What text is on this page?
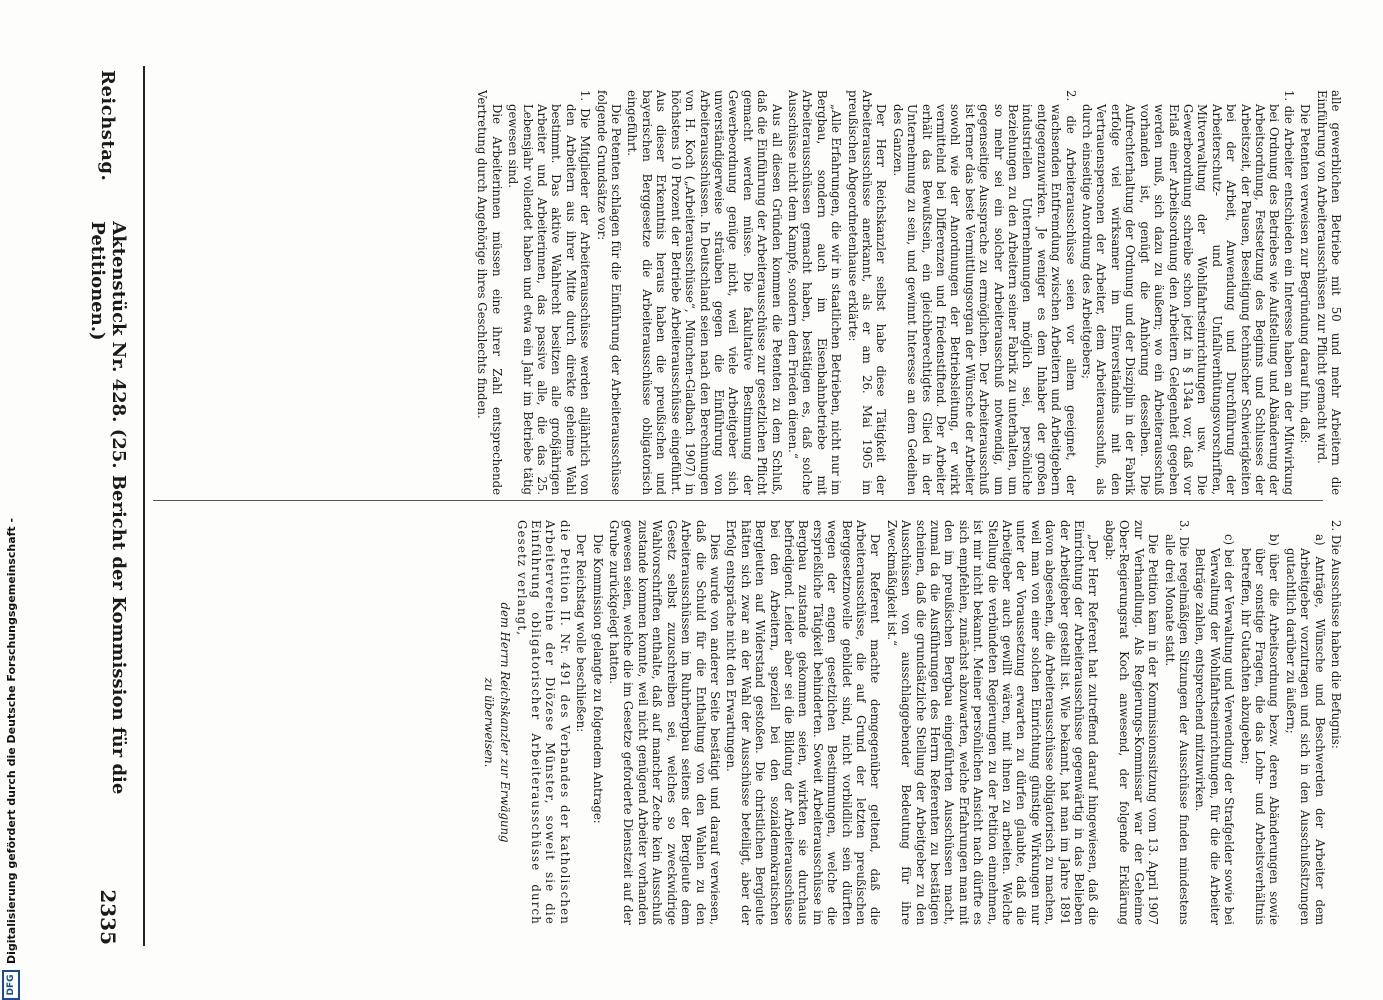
Reichstag.
Aktenstück Nr. 428. (25. Bericht der Kommission für die Petitionen.)
2335

alle gewerblichen Betriebe mit 50 und mehr Arbeitern die Einführung von Arbeiterausschüssen zur Pflicht gemacht wird.

Die Petenten verweisen zur Begründung darauf hin, daß:

1. die Arbeiter entschieden ein Interesse haben an der Mitwirkung bei Ordnung des Betriebes wie Aufstellung und Abänderung der Arbeitsordnung, Festsetzung des Beginns und Schlusses der Arbeitszeit, der Pausen, Beseitigung technischer Schwierigkeiten bei der Arbeit, Anwendung und Durchführung der Arbeiterschutz- und Unfallverhütungsvorschriften, Mitverwaltung der Wohlfahrtseinrichtungen usw. Die Gewerbeordnung schreibe schon jetzt in § 134a vor, daß vor Erlaß einer Arbeitsordnung den Arbeitern Gelegenheit gegeben werden muß, sich dazu zu äußern; wo ein Arbeiterausschuß vorhanden ist, genügt die Anhörung desselben. Die Aufrechterhaltung der Ordnung und der Disziplin in der Fabrik erfolge viel wirksamer im Einverständnis mit den Vertrauenspersonen der Arbeiter, dem Arbeiterausschuß, als durch einseitige Anordnung des Arbeitgebers;

2. die Arbeiterausschüsse seien vor allem geeignet, der wachsenden Entfremdung zwischen Arbeitern und Arbeitgebern entgegenzuwirken. Je weniger es dem Inhaber der großen industriellen Unternehmungen möglich sei, persönliche Beziehungen zu den Arbeitern seiner Fabrik zu unterhalten, um so mehr sei ein solcher Arbeiterausschuß notwendig, um gegenseitige Aussprache zu ermöglichen. Der Arbeiterausschuß ist ferner das beste Vermittlungsorgan der Wünsche der Arbeiter sowohl wie der Anordnungen der Betriebsleitung, er wirkt vermittelnd bei Differenzen und friedenstiftend. Der Arbeiter erhält das Bewußtsein, ein gleichberechtigtes Glied in der Unternehmung zu sein, und gewinnt Interesse an dem Gedeihen des Ganzen.

Der Herr Reichskanzler selbst habe diese Tätigkeit der Arbeiterausschüsse anerkannt, als er am 26. Mai 1905 im preußischen Abgeordnetenhause erklärte:

„Alle Erfahrungen, die wir in staatlichen Betrieben, nicht nur im Bergbau, sondern auch im Eisenbahnbetriebe mit Arbeiterausschüssen gemacht haben, bestätigen es, daß solche Ausschüsse nicht dem Kampfe, sondern dem Frieden dienen.“

Aus all diesen Gründen kommen die Petenten zu dem Schluß, daß die Einführung der Arbeiterausschüsse zur gesetzlichen Pflicht gemacht werden müsse. Die fakultative Bestimmung der Gewerbeordnung genüge nicht, weil viele Arbeitgeber sich unverständigerweise sträuben gegen die Einführung von Arbeiterausschüssen. In Deutschland seien nach den Berechnungen von H. Koch („Arbeiterausschüsse“, München-Gladbach 1907) in höchstens 10 Prozent der Betriebe Arbeiterausschüsse eingeführt. Aus dieser Erkenntnis heraus haben die preußischen und bayerischen Berggesetze die Arbeiterausschüsse obligatorisch eingeführt.

Die Petenten schlagen für die Einführung der Arbeiterausschüsse folgende Grundsätze vor:

1. Die Mitglieder der Arbeiterausschüsse werden alljährlich von den Arbeitern aus ihrer Mitte durch direkte geheime Wahl bestimmt. Das aktive Wahlrecht besitzen alle großjährigen Arbeiter und Arbeiterinnen, das passive alle, die das 25. Lebensjahr vollendet haben und etwa ein Jahr im Betriebe tätig gewesen sind.

Die Arbeiterinnen müssen eine ihrer Zahl entsprechende Vertretung durch Angehörige ihres Geschlechts finden.

2. Die Ausschüsse haben die Befugnis:

a) Anträge, Wünsche und Beschwerden der Arbeiter dem Arbeitgeber vorzutragen und sich in den Ausschußsitzungen gutachtlich darüber zu äußern;

b) über die Arbeitsordnung bezw. deren Abänderungen sowie über sonstige Fragen, die das Lohn- und Arbeitsverhältnis betreffen, ihr Gutachten abzugeben;

c) bei der Verwaltung und Verwendung der Strafgelder sowie bei Verwaltung der Wohlfahrtseinrichtungen, für die die Arbeiter Beiträge zahlen, entsprechend mitzuwirken.

3. Die regelmäßigen Sitzungen der Ausschüsse finden mindestens alle drei Monate statt.

Die Petition kam in der Kommissionssitzung vom 13. April 1907 zur Verhandlung. Als Regierungs-Kommissar war der Geheime Ober-Regierungsrat Koch anwesend, der folgende Erklärung abgab:

„Der Herr Referent hat zutreffend darauf hingewiesen, daß die Einrichtung der Arbeiterausschüsse gegenwärtig in das Belieben der Arbeitgeber gestellt ist. Wie bekannt, hat man im Jahre 1891 davon abgesehen, die Arbeiterausschüsse obligatorisch zu machen, weil man von einer solchen Einrichtung günstige Wirkungen nur unter der Voraussetzung erwarten zu dürfen glaubte, daß die Arbeitgeber auch gewillt wären, mit ihnen zu arbeiten. Welche Stellung die verbündeten Regierungen zu der Petition einnehmen, ist mir nicht bekannt. Meiner persönlichen Ansicht nach dürfte es sich empfehlen, zunächst abzuwarten, welche Erfahrungen man mit den im preußischen Bergbau eingeführten Ausschüssen macht, zumal da die Ausführungen des Herrn Referenten zu bestätigen scheinen, daß die grundsätzliche Stellung der Arbeitgeber zu den Ausschüssen von ausschlaggebender Bedeutung für ihre Zweckmäßigkeit ist.“

Der Referent machte demgegenüber geltend, daß die Arbeiterausschüsse, die auf Grund der letzten preußischen Berggesetznovelle gebildet sind, nicht vorbildlich sein dürften wegen der engen gesetzlichen Bestimmungen, welche die ersprießliche Tätigkeit behinderten. Soweit Arbeiterausschüsse im Bergbau zustande gekommen seien, wirkten sie durchaus befriedigend. Leider aber sei die Bildung der Arbeiterausschüsse bei den Arbeitern, speziell bei den sozialdemokratischen Bergleuten auf Widerstand gestoßen. Die christlichen Bergleute hätten sich zwar an der Wahl der Ausschüsse beteiligt, aber der Erfolg entspräche nicht den Erwartungen.

Dies wurde von anderer Seite bestätigt und darauf verwiesen, daß die Schuld für die Enthaltung von den Wahlen zu den Arbeiterausschüssen im Ruhrbergbau seitens der Bergleute dem Gesetz selbst zuzuschreiben sei, welches so zweckwidrige Wahlvorschriften enthalte, daß auf mancher Zeche kein Ausschuß zustande kommen konnte, weil nicht genügend Arbeiter vorhanden gewesen seien, welche die im Gesetze geforderte Dienstzeit auf der Grube zurückgelegt hatten.

Die Kommission gelangte zu folgendem Antrage:

Der Reichstag wolle beschließen:

die Petition II. Nr. 491 des Verbandes der katholischen Arbeitervereine der Diözese Münster, soweit sie die Einführung obligatorischer Arbeiterausschüsse durch Gesetz verlangt,

dem Herrn Reichskanzler zur Erwägung

zu überweisen.

DFG
Digitalisierung gefördert durch die Deutsche Forschungsgemeinschaft -
